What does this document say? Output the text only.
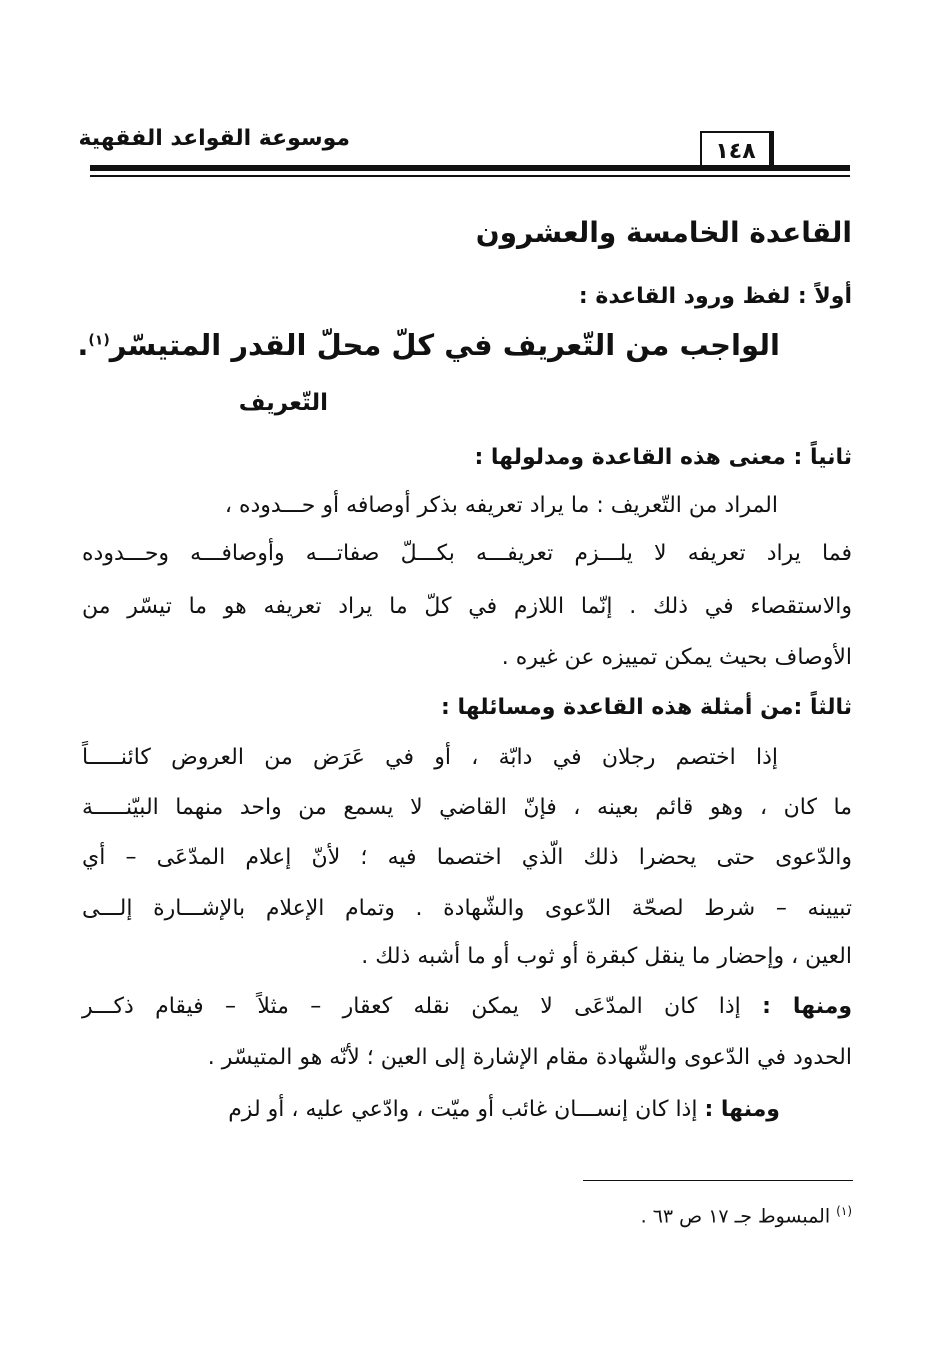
موسوعة القواعد الفقهية	١٤٨
القاعدة الخامسة والعشرون
أولاً : لفظ ورود القاعدة :
الواجب من التّعريف في كلّ محلّ القدر المتيسّر$^{(١)}$.
التّعريف
ثانياً : معنى هذه القاعدة ومدلولها :
المراد من التّعريف : ما يراد تعريفه بذكر أوصافه أو حـــدوده ،
فما يراد تعريفه لا يلـــزم تعريفـــه بكـــلّ صفاتـــه وأوصافـــه وحـــدوده
والاستقصاء في ذلك . إنّما اللازم في كلّ ما يراد تعريفه هو ما تيسّر من
الأوصاف بحيث يمكن تمييزه عن غيره .
ثالثاً :من أمثلة هذه القاعدة ومسائلها :
إذا اختصم رجلان في دابّة ، أو في عَرَض من العروض كائنـــــاً
ما كان ، وهو قائم بعينه ، فإنّ القاضي لا يسمع من واحد منهما البيّنـــــة
والدّعوى حتى يحضرا ذلك الّذي اختصما فيه ؛ لأنّ إعلام المدّعَى – أي
تبيينه – شرط لصحّة الدّعوى والشّهادة . وتمام الإعلام بالإشـــارة إلـــى
العين ، وإحضار ما ينقل كبقرة أو ثوب أو ما أشبه ذلك .
ومنها : إذا كان المدّعَى لا يمكن نقله كعقار – مثلاً – فيقام ذكـــر
الحدود في الدّعوى والشّهادة مقام الإشارة إلى العين ؛ لأنّه هو المتيسّر .
ومنها : إذا كان إنســـان غائب أو ميّت ، وادّعي عليه ، أو لزم
$^{(١)}$ المبسوط جـ ١٧ ص ٦٣ .
